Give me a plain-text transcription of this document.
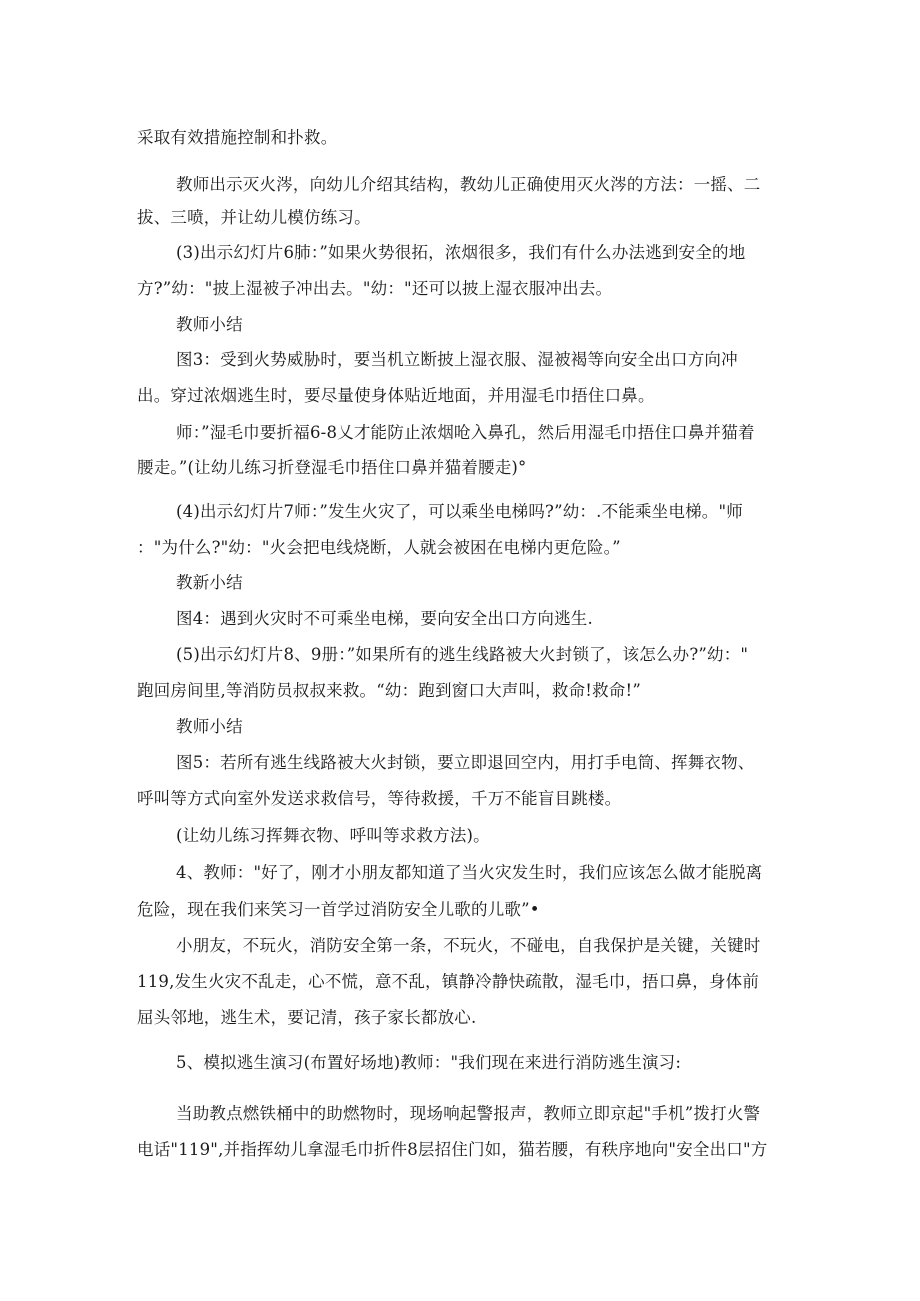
采取有效措施控制和扑救。
教师出示灭火涔，向幼儿介绍其结构，教幼儿正确使用灭火涔的方法：一摇、二
拔、三喷，并让幼儿模仿练习。
(3)出示幻灯片6肺：”如果火势很拓，浓烟很多，我们有什么办法逃到安全的地
方?”幼："披上湿被子冲出去。"幼："还可以披上湿衣服冲出去。
教师小结
图3：受到火势威胁时，要当机立断披上湿衣服、湿被褐等向安全出口方向冲
出。穿过浓烟逃生时，要尽量使身体贴近地面，并用湿毛巾捂住口鼻。
师：”湿毛巾要折福6-8乂才能防止浓烟呛入鼻孔，然后用湿毛巾捂住口鼻并猫着
腰走。”(让幼儿练习折登湿毛巾捂住口鼻并猫着腰走)°
(4)出示幻灯片7师：”发生火灾了，可以乘坐电梯吗?”幼：.不能乘坐电梯。"师
："为什么?"幼："火会把电线烧断，人就会被困在电梯内更危险。”
教新小结
图4：遇到火灾时不可乘坐电梯，要向安全出口方向逃生.
(5)出示幻灯片8、9册：”如果所有的逃生线路被大火封锁了，该怎么办?”幼："
跑回房间里,等消防员叔叔来救。“幼：跑到窗口大声叫，救命!救命!”
教师小结
图5：若所有逃生线路被大火封锁，要立即退回空内，用打手电筒、挥舞衣物、
呼叫等方式向室外发送求救信号，等待救援，千万不能盲目跳楼。
(让幼儿练习挥舞衣物、呼叫等求救方法)。
4、教师："好了，刚才小朋友都知道了当火灾发生时，我们应该怎么做才能脱离
危险，现在我们来笑习一首学过消防安全儿歌的儿歌”•
小朋友，不玩火，消防安全第一条，不玩火，不碰电，自我保护是关键，关键时
119,发生火灾不乱走，心不慌，意不乱，镇静冷静快疏散，湿毛巾，捂口鼻，身体前
屈头邻地，逃生术，要记清，孩子家长都放心.
5、模拟逃生演习(布置好场地)教师："我们现在来进行消防逃生演习:
当助教点燃铁桶中的助燃物时，现场响起警报声，教师立即京起"手机”拨打火警
电话"119",并指挥幼儿拿湿毛巾折件8层招住门如，猫若腰，有秩序地向"安全出口"方
